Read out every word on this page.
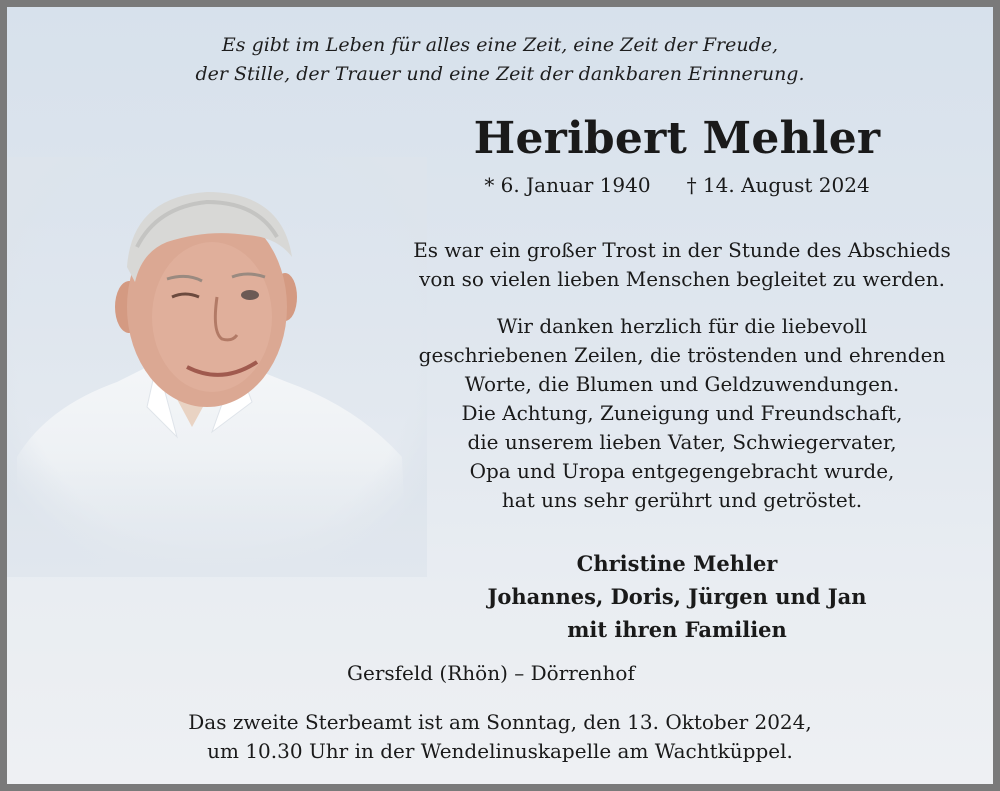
Es gibt im Leben für alles eine Zeit, eine Zeit der Freude,
der Stille, der Trauer und eine Zeit der dankbaren Erinnerung.
Heribert Mehler
* 6. Januar 1940 † 14. August 2024
Es war ein großer Trost in der Stunde des Abschieds
von so vielen lieben Menschen begleitet zu werden.
Wir danken herzlich für die liebevoll
geschriebenen Zeilen, die tröstenden und ehrenden
Worte, die Blumen und Geldzuwendungen.
Die Achtung, Zuneigung und Freundschaft,
die unserem lieben Vater, Schwiegervater,
Opa und Uropa entgegengebracht wurde,
hat uns sehr gerührt und getröstet.
Christine Mehler
Johannes, Doris, Jürgen und Jan
mit ihren Familien
Gersfeld (Rhön) – Dörrenhof
Das zweite Sterbeamt ist am Sonntag, den 13. Oktober 2024,
um 10.30 Uhr in der Wendelinuskapelle am Wachtküppel.
